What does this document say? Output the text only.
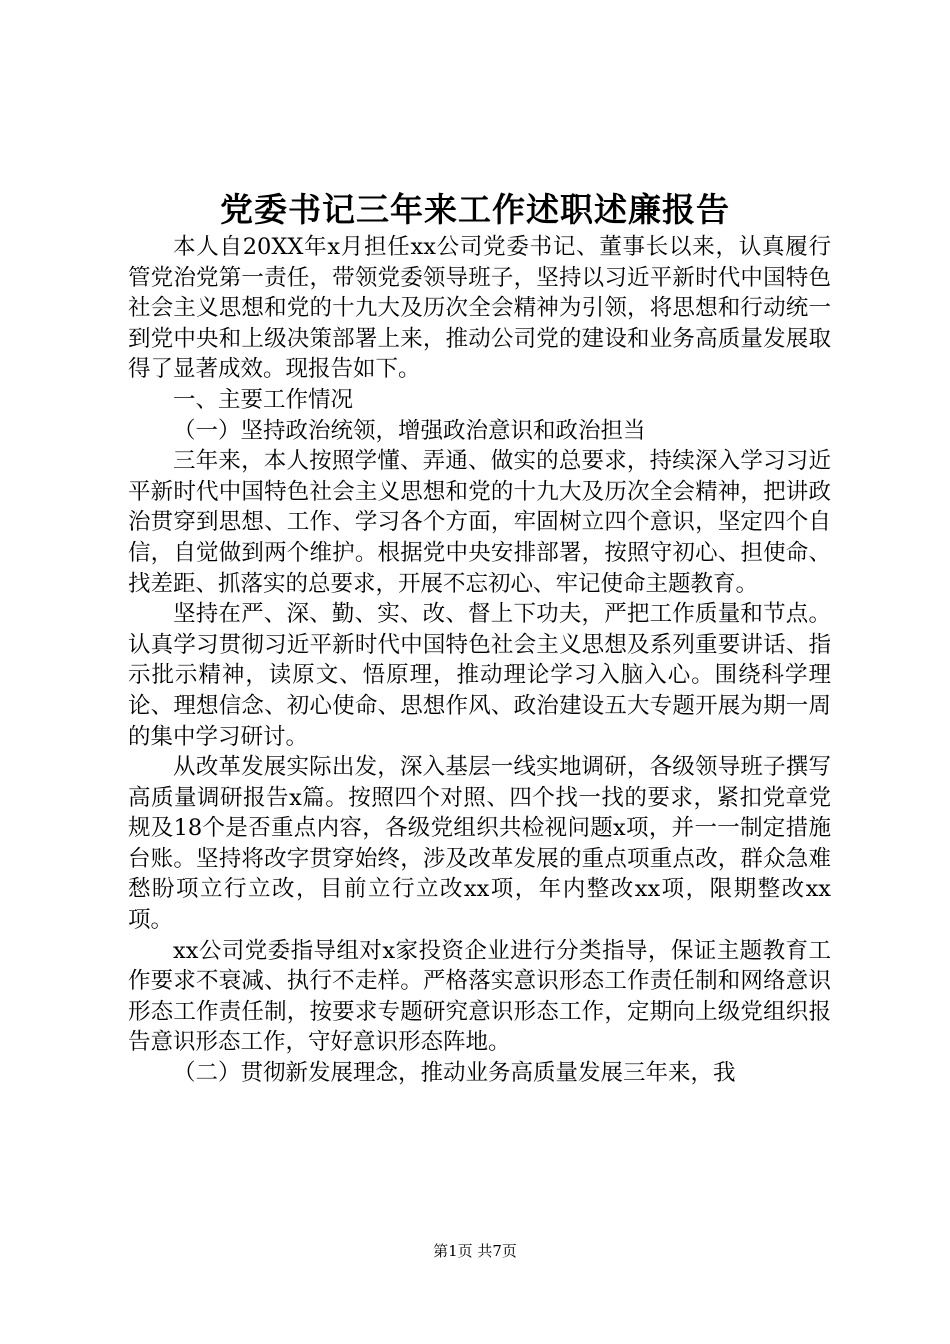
党委书记三年来工作述职述廉报告

本人自20XX年x月担任xx公司党委书记、董事长以来，认真履行管党治党第一责任，带领党委领导班子，坚持以习近平新时代中国特色社会主义思想和党的十九大及历次全会精神为引领，将思想和行动统一到党中央和上级决策部署上来，推动公司党的建设和业务高质量发展取得了显著成效。现报告如下。

一、主要工作情况

（一）坚持政治统领，增强政治意识和政治担当

三年来，本人按照学懂、弄通、做实的总要求，持续深入学习习近平新时代中国特色社会主义思想和党的十九大及历次全会精神，把讲政治贯穿到思想、工作、学习各个方面，牢固树立四个意识，坚定四个自信，自觉做到两个维护。根据党中央安排部署，按照守初心、担使命、找差距、抓落实的总要求，开展不忘初心、牢记使命主题教育。

坚持在严、深、勤、实、改、督上下功夫，严把工作质量和节点。认真学习贯彻习近平新时代中国特色社会主义思想及系列重要讲话、指示批示精神，读原文、悟原理，推动理论学习入脑入心。围绕科学理论、理想信念、初心使命、思想作风、政治建设五大专题开展为期一周的集中学习研讨。

从改革发展实际出发，深入基层一线实地调研，各级领导班子撰写高质量调研报告x篇。按照四个对照、四个找一找的要求，紧扣党章党规及18个是否重点内容，各级党组织共检视问题x项，并一一制定措施台账。坚持将改字贯穿始终，涉及改革发展的重点项重点改，群众急难愁盼项立行立改，目前立行立改xx项，年内整改xx项，限期整改xx项。

xx公司党委指导组对x家投资企业进行分类指导，保证主题教育工作要求不衰减、执行不走样。严格落实意识形态工作责任制和网络意识形态工作责任制，按要求专题研究意识形态工作，定期向上级党组织报告意识形态工作，守好意识形态阵地。

（二）贯彻新发展理念，推动业务高质量发展三年来，我

第1页 共7页
